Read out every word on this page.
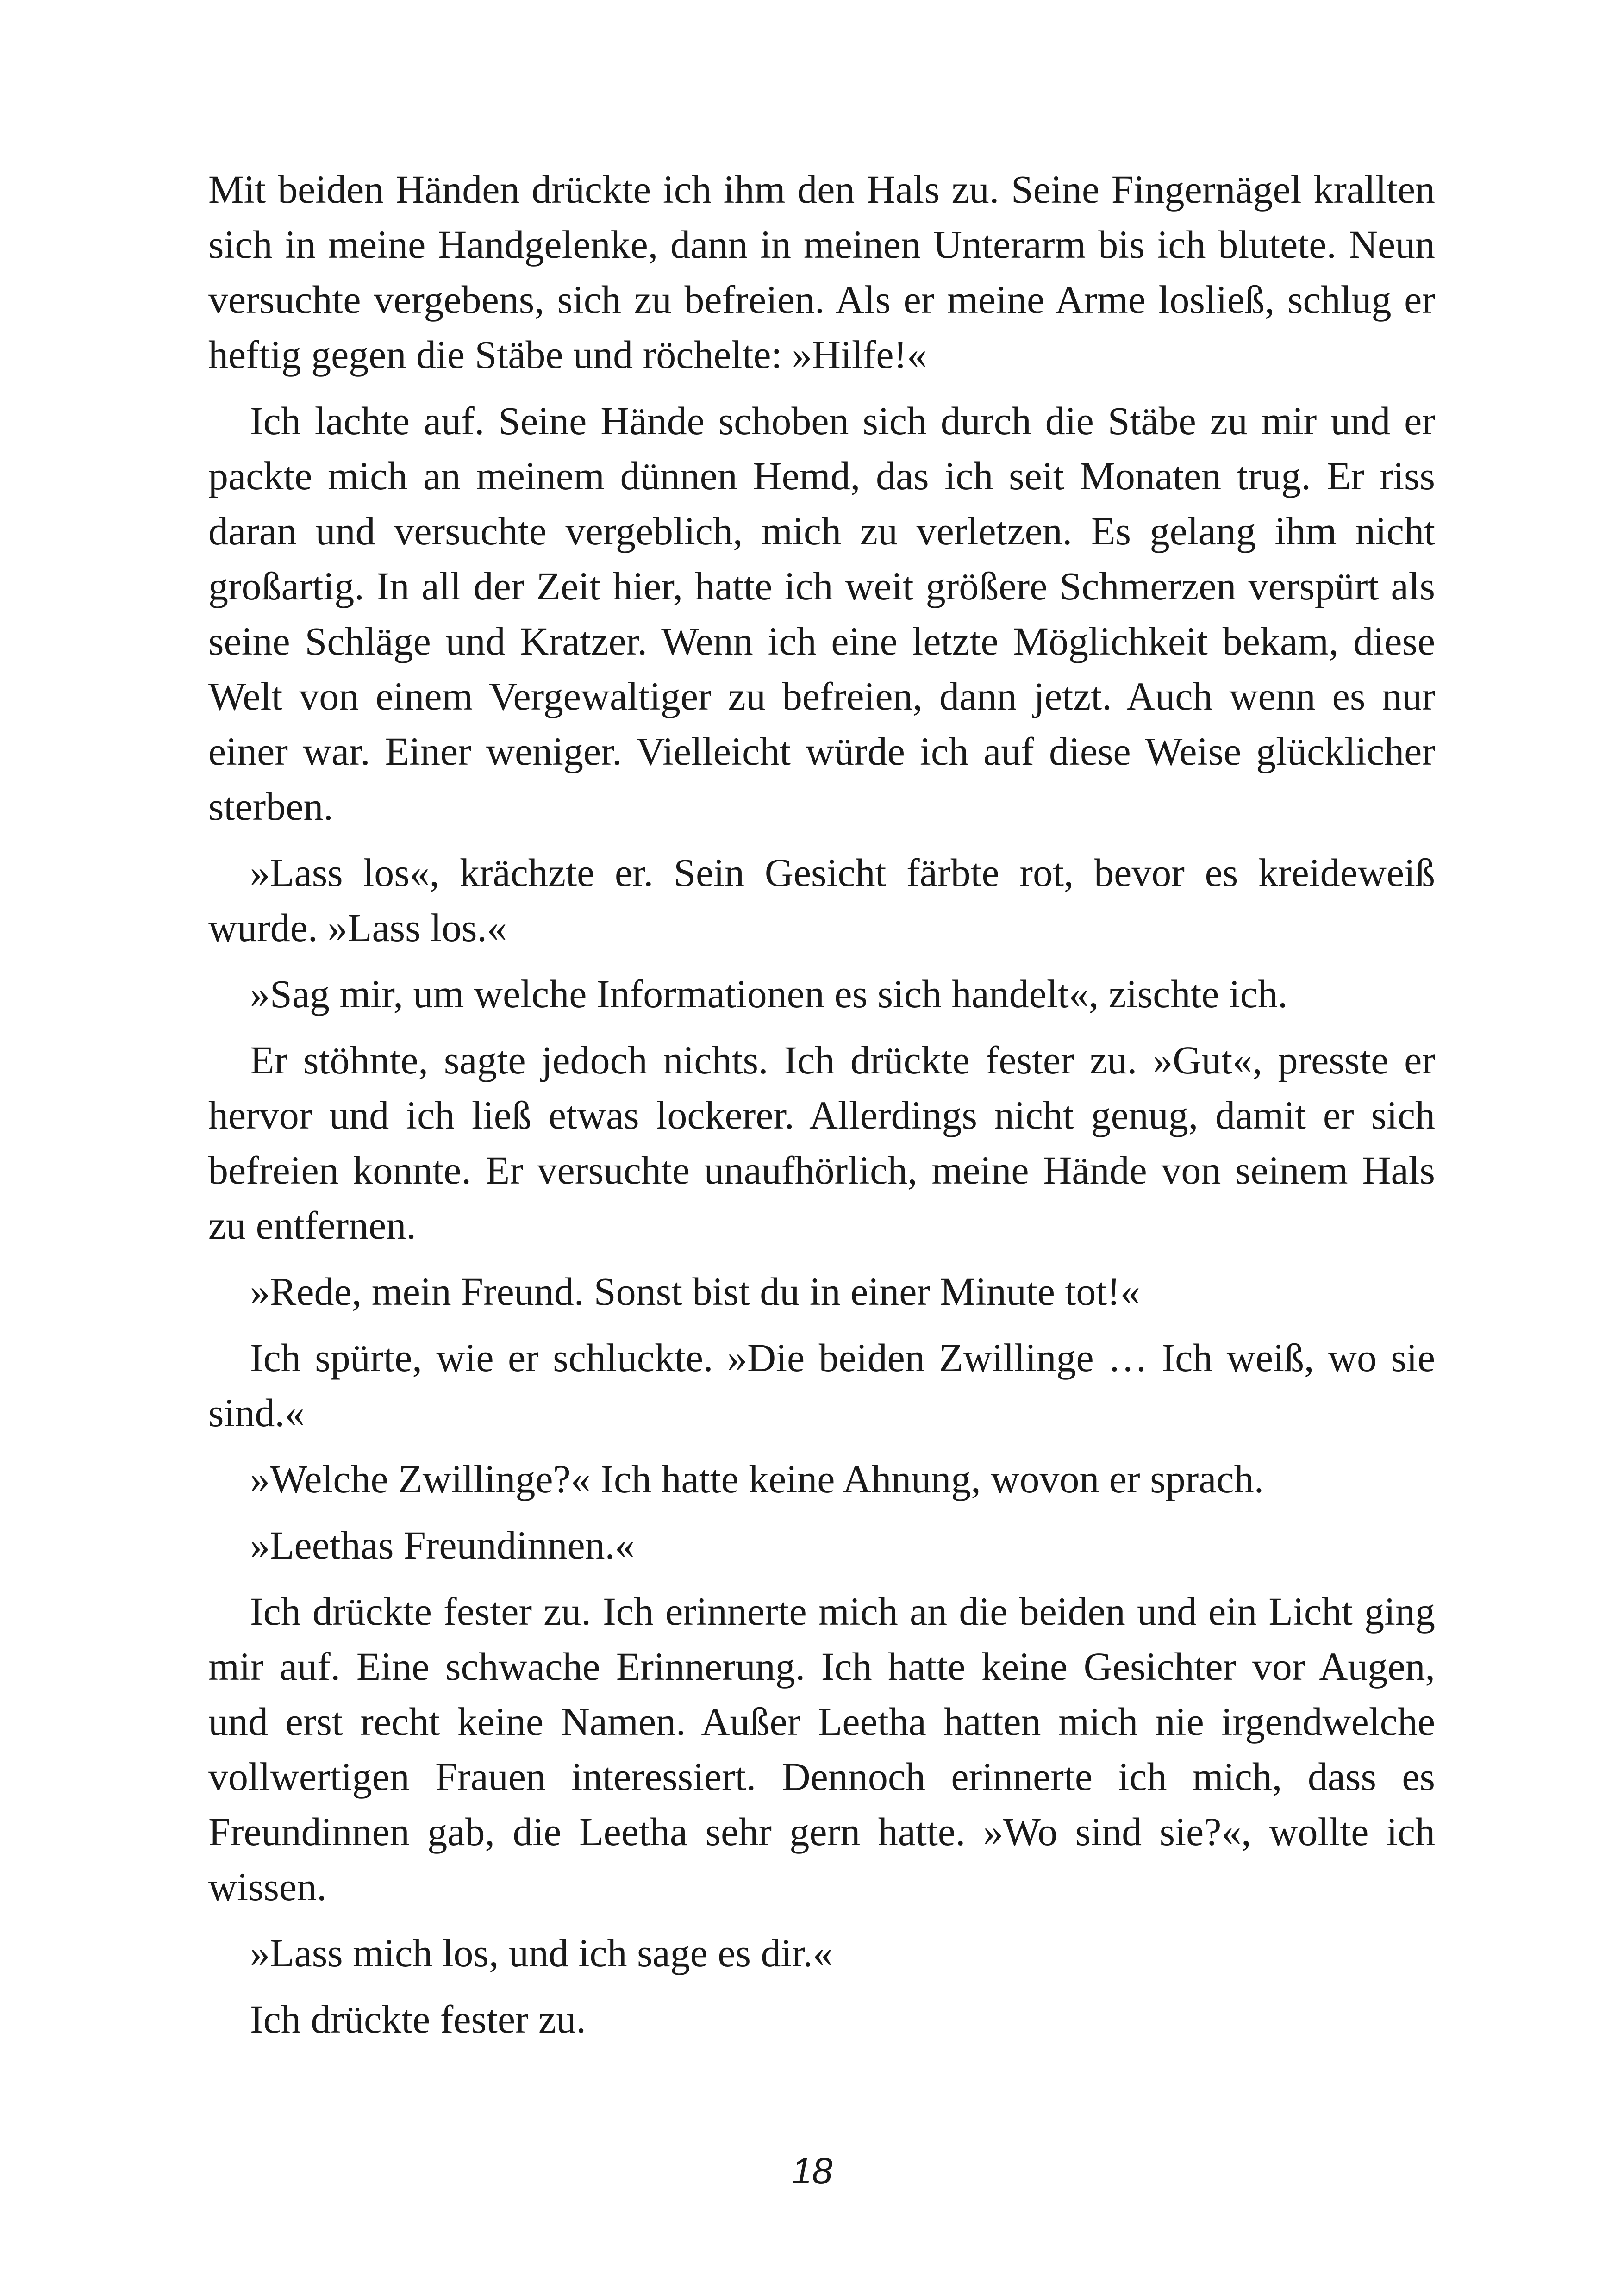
Mit beiden Händen drückte ich ihm den Hals zu. Seine Fingernägel krallten sich in meine Handgelenke, dann in meinen Unterarm bis ich blutete. Neun versuchte vergebens, sich zu befreien. Als er meine Arme losließ, schlug er heftig gegen die Stäbe und röchelte: »Hilfe!«

Ich lachte auf. Seine Hände schoben sich durch die Stäbe zu mir und er packte mich an meinem dünnen Hemd, das ich seit Monaten trug. Er riss daran und versuchte vergeblich, mich zu verletzen. Es gelang ihm nicht großartig. In all der Zeit hier, hatte ich weit größere Schmerzen verspürt als seine Schläge und Kratzer. Wenn ich eine letzte Möglichkeit bekam, diese Welt von einem Vergewaltiger zu befreien, dann jetzt. Auch wenn es nur einer war. Einer weniger. Vielleicht würde ich auf diese Weise glücklicher sterben.

»Lass los«, krächzte er. Sein Gesicht färbte rot, bevor es kreideweiß wurde. »Lass los.«

»Sag mir, um welche Informationen es sich handelt«, zischte ich.

Er stöhnte, sagte jedoch nichts. Ich drückte fester zu. »Gut«, presste er hervor und ich ließ etwas lockerer. Allerdings nicht genug, damit er sich befreien konnte. Er versuchte unaufhörlich, meine Hände von seinem Hals zu entfernen.

»Rede, mein Freund. Sonst bist du in einer Minute tot!«

Ich spürte, wie er schluckte. »Die beiden Zwillinge … Ich weiß, wo sie sind.«

»Welche Zwillinge?« Ich hatte keine Ahnung, wovon er sprach.

»Leethas Freundinnen.«

Ich drückte fester zu. Ich erinnerte mich an die beiden und ein Licht ging mir auf. Eine schwache Erinnerung. Ich hatte keine Gesichter vor Augen, und erst recht keine Namen. Außer Leetha hatten mich nie irgendwelche vollwertigen Frauen interessiert. Dennoch erinnerte ich mich, dass es Freundinnen gab, die Leetha sehr gern hatte. »Wo sind sie?«, wollte ich wissen.

»Lass mich los, und ich sage es dir.«

Ich drückte fester zu.

18
